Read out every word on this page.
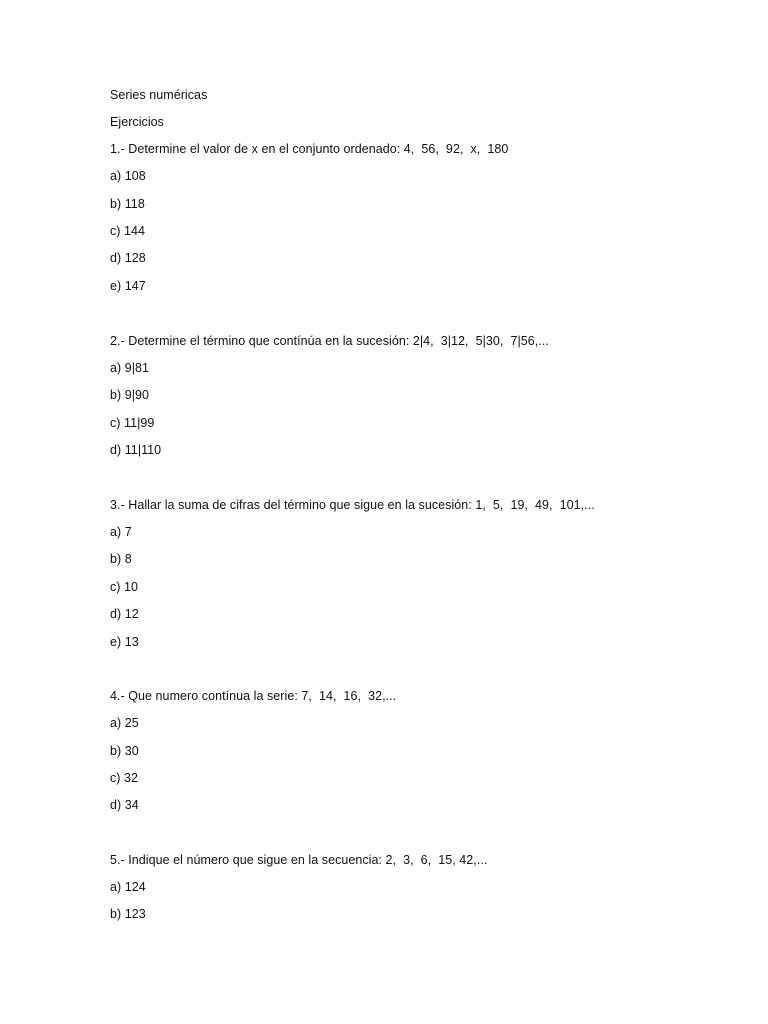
Series numéricas
Ejercicios
1.- Determine el valor de x en el conjunto ordenado: 4,  56,  92,  x,  180
a) 108
b) 118
c) 144
d) 128
e) 147
2.- Determine el término que contínúa en la sucesión: 2|4,  3|12,  5|30,  7|56,...
a) 9|81
b) 9|90
c) 11|99
d) 11|110
3.- Hallar la suma de cifras del término que sigue en la sucesión: 1,  5,  19,  49,  101,...
a) 7
b) 8
c) 10
d) 12
e) 13
4.- Que numero contínua la serie: 7,  14,  16,  32,...
a) 25
b) 30
c) 32
d) 34
5.- Indique el número que sigue en la secuencia: 2,  3,  6,  15, 42,...
a) 124
b) 123
